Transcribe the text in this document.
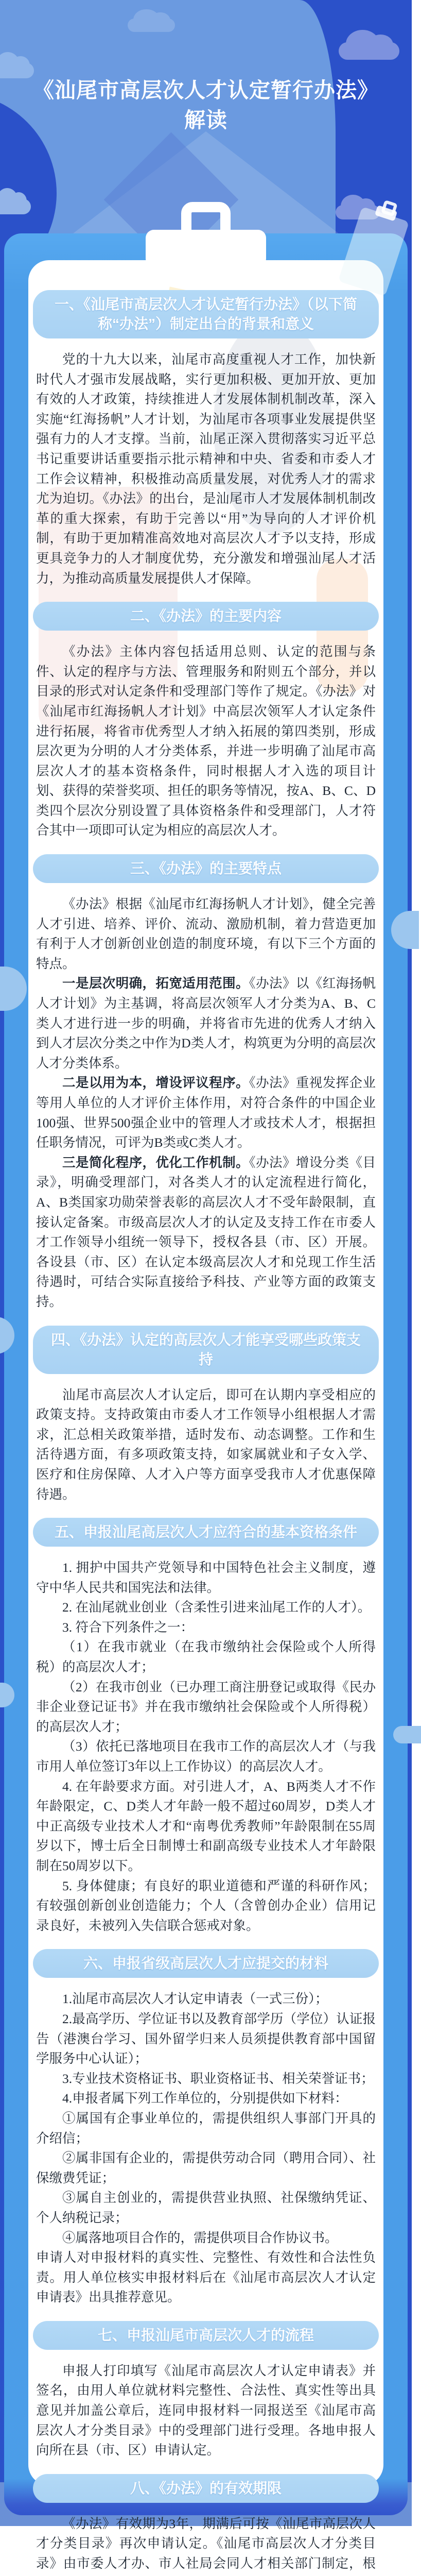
《汕尾市高层次人才认定暂行办法》
解读
一、《汕尾市高层次人才认定暂行办法》（以下简称“办法”）制定出台的背景和意义

党的十九大以来，汕尾市高度重视人才工作，加快新时代人才强市发展战略，实行更加积极、更加开放、更加有效的人才政策，持续推进人才发展体制机制改革，深入实施“红海扬帆”人才计划，为汕尾市各项事业发展提供坚强有力的人才支撑。当前，汕尾正深入贯彻落实习近平总书记重要讲话重要指示批示精神和中央、省委和市委人才工作会议精神，积极推动高质量发展，对优秀人才的需求尤为迫切。《办法》的出台，是汕尾市人才发展体制机制改革的重大探索，有助于完善以“用”为导向的人才评价机制，有助于更加精准高效地对高层次人才予以支持，形成更具竞争力的人才制度优势，充分激发和增强汕尾人才活力，为推动高质量发展提供人才保障。

二、《办法》的主要内容

《办法》主体内容包括适用总则、认定的范围与条件、认定的程序与方法、管理服务和附则五个部分，并以目录的形式对认定条件和受理部门等作了规定。《办法》对《汕尾市红海扬帆人才计划》中高层次领军人才认定条件进行拓展，将省市优秀型人才纳入拓展的第四类别，形成层次更为分明的人才分类体系，并进一步明确了汕尾市高层次人才的基本资格条件，同时根据人才入选的项目计划、获得的荣誉奖项、担任的职务等情况，按A、B、C、D类四个层次分别设置了具体资格条件和受理部门，人才符合其中一项即可认定为相应的高层次人才。

三、《办法》的主要特点

《办法》根据《汕尾市红海扬帆人才计划》，健全完善人才引进、培养、评价、流动、激励机制，着力营造更加有利于人才创新创业创造的制度环境，有以下三个方面的特点。

一是层次明确，拓宽适用范围。《办法》以《红海扬帆人才计划》为主基调，将高层次领军人才分类为A、B、C类人才进行进一步的明确，并将省市先进的优秀人才纳入到人才层次分类之中作为D类人才，构筑更为分明的高层次人才分类体系。

二是以用为本，增设评议程序。《办法》重视发挥企业等用人单位的人才评价主体作用，对符合条件的中国企业100强、世界500强企业中的管理人才或技术人才，根据担任职务情况，可评为B类或C类人才。

三是简化程序，优化工作机制。《办法》增设分类《目录》，明确受理部门，对各类人才的认定流程进行简化，A、B类国家功勋荣誉表彰的高层次人才不受年龄限制，直接认定备案。市级高层次人才的认定及支持工作在市委人才工作领导小组统一领导下，授权各县（市、区）开展。各设县（市、区）在认定本级高层次人才和兑现工作生活待遇时，可结合实际直接给予科技、产业等方面的政策支持。

四、《办法》认定的高层次人才能享受哪些政策支持

汕尾市高层次人才认定后，即可在认期内享受相应的政策支持。支持政策由市委人才工作领导小组根据人才需求，汇总相关政策举措，适时发布、动态调整。工作和生活待遇方面，有多项政策支持，如家属就业和子女入学、医疗和住房保障、人才入户等方面享受我市人才优惠保障待遇。

五、申报汕尾高层次人才应符合的基本资格条件

1. 拥护中国共产党领导和中国特色社会主义制度，遵守中华人民共和国宪法和法律。

2. 在汕尾就业创业（含柔性引进来汕尾工作的人才）。

3. 符合下列条件之一：

（1）在我市就业（在我市缴纳社会保险或个人所得税）的高层次人才；

（2）在我市创业（已办理工商注册登记或取得《民办非企业登记证书》并在我市缴纳社会保险或个人所得税）的高层次人才；

（3）依托已落地项目在我市工作的高层次人才（与我市用人单位签订3年以上工作协议）的高层次人才。

4. 在年龄要求方面。对引进人才，A、B两类人才不作年龄限定，C、D类人才年龄一般不超过60周岁，D类人才中正高级专业技术人才和“南粤优秀教师”年龄限制在55周岁以下，博士后全日制博士和副高级专业技术人才年龄限制在50周岁以下。

5. 身体健康；有良好的职业道德和严谨的科研作风；有较强创新创业创造能力；个人（含曾创办企业）信用记录良好，未被列入失信联合惩戒对象。

六、申报省级高层次人才应提交的材料

1.汕尾市高层次人才认定申请表（一式三份）；

2.最高学历、学位证书以及教育部学历（学位）认证报告（港澳台学习、国外留学归来人员须提供教育部中国留学服务中心认证）；

3.专业技术资格证书、职业资格证书、相关荣誉证书；

4.申报者属下列工作单位的，分别提供如下材料：

①属国有企事业单位的，需提供组织人事部门开具的介绍信；

②属非国有企业的，需提供劳动合同（聘用合同）、社保缴费凭证；

③属自主创业的，需提供营业执照、社保缴纳凭证、个人纳税记录；

④属落地项目合作的，需提供项目合作协议书。

申请人对申报材料的真实性、完整性、有效性和合法性负责。用人单位核实申报材料后在《汕尾市高层次人才认定申请表》出具推荐意见。

七、申报汕尾市高层次人才的流程

申报人打印填写《汕尾市高层次人才认定申请表》并签名，由用人单位就材料完整性、合法性、真实性等出具意见并加盖公章后，连同申报材料一同报送至《汕尾市高层次人才分类目录》中的受理部门进行受理。各地申报人向所在县（市、区）申请认定。

八、《办法》的有效期限

《办法》有效期为3年，期满后可按《汕尾市高层次人才分类目录》再次申请认定。《汕尾市高层次人才分类目录》由市委人才办、市人社局会同人才相关部门制定，根
